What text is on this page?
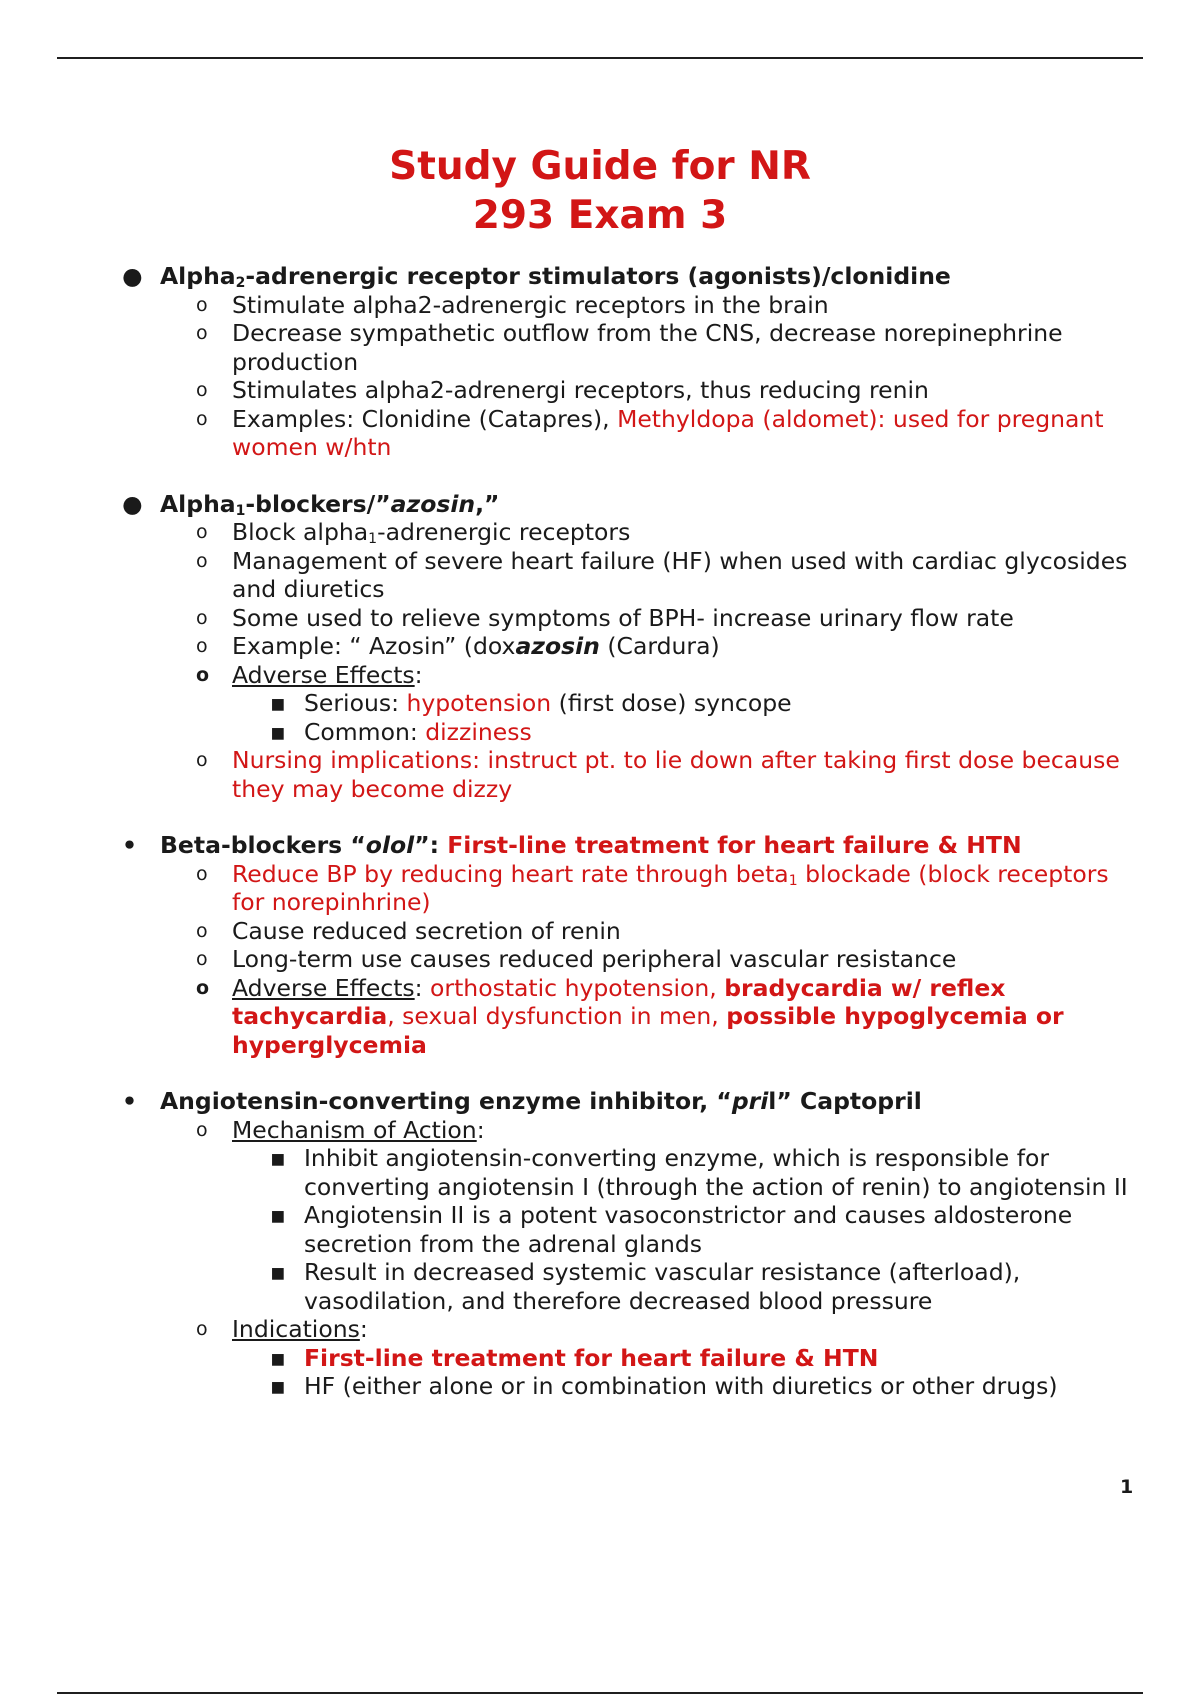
Study Guide for NR
293 Exam 3
● Alpha2-adrenergic receptor stimulators (agonists)/clonidine
o Stimulate alpha2-adrenergic receptors in the brain
o Decrease sympathetic outflow from the CNS, decrease norepinephrine production
o Stimulates alpha2-adrenergi receptors, thus reducing renin
o Examples: Clonidine (Catapres), Methyldopa (aldomet): used for pregnant women w/htn
● Alpha1-blockers/”azosin,”
o Block alpha1-adrenergic receptors
o Management of severe heart failure (HF) when used with cardiac glycosides and diuretics
o Some used to relieve symptoms of BPH- increase urinary flow rate
o Example: “ Azosin” (doxazosin (Cardura)
o Adverse Effects:
▪ Serious: hypotension (first dose) syncope
▪ Common: dizziness
o Nursing implications: instruct pt. to lie down after taking first dose because they may become dizzy
• Beta-blockers “olol”: First-line treatment for heart failure & HTN
o Reduce BP by reducing heart rate through beta1 blockade (block receptors for norepinhrine)
o Cause reduced secretion of renin
o Long-term use causes reduced peripheral vascular resistance
o Adverse Effects: orthostatic hypotension, bradycardia w/ reflex tachycardia, sexual dysfunction in men, possible hypoglycemia or hyperglycemia
• Angiotensin-converting enzyme inhibitor, “pril” Captopril
o Mechanism of Action:
▪ Inhibit angiotensin-converting enzyme, which is responsible for converting angiotensin I (through the action of renin) to angiotensin II
▪ Angiotensin II is a potent vasoconstrictor and causes aldosterone secretion from the adrenal glands
▪ Result in decreased systemic vascular resistance (afterload), vasodilation, and therefore decreased blood pressure
o Indications:
▪ First-line treatment for heart failure & HTN
▪ HF (either alone or in combination with diuretics or other drugs)
1
